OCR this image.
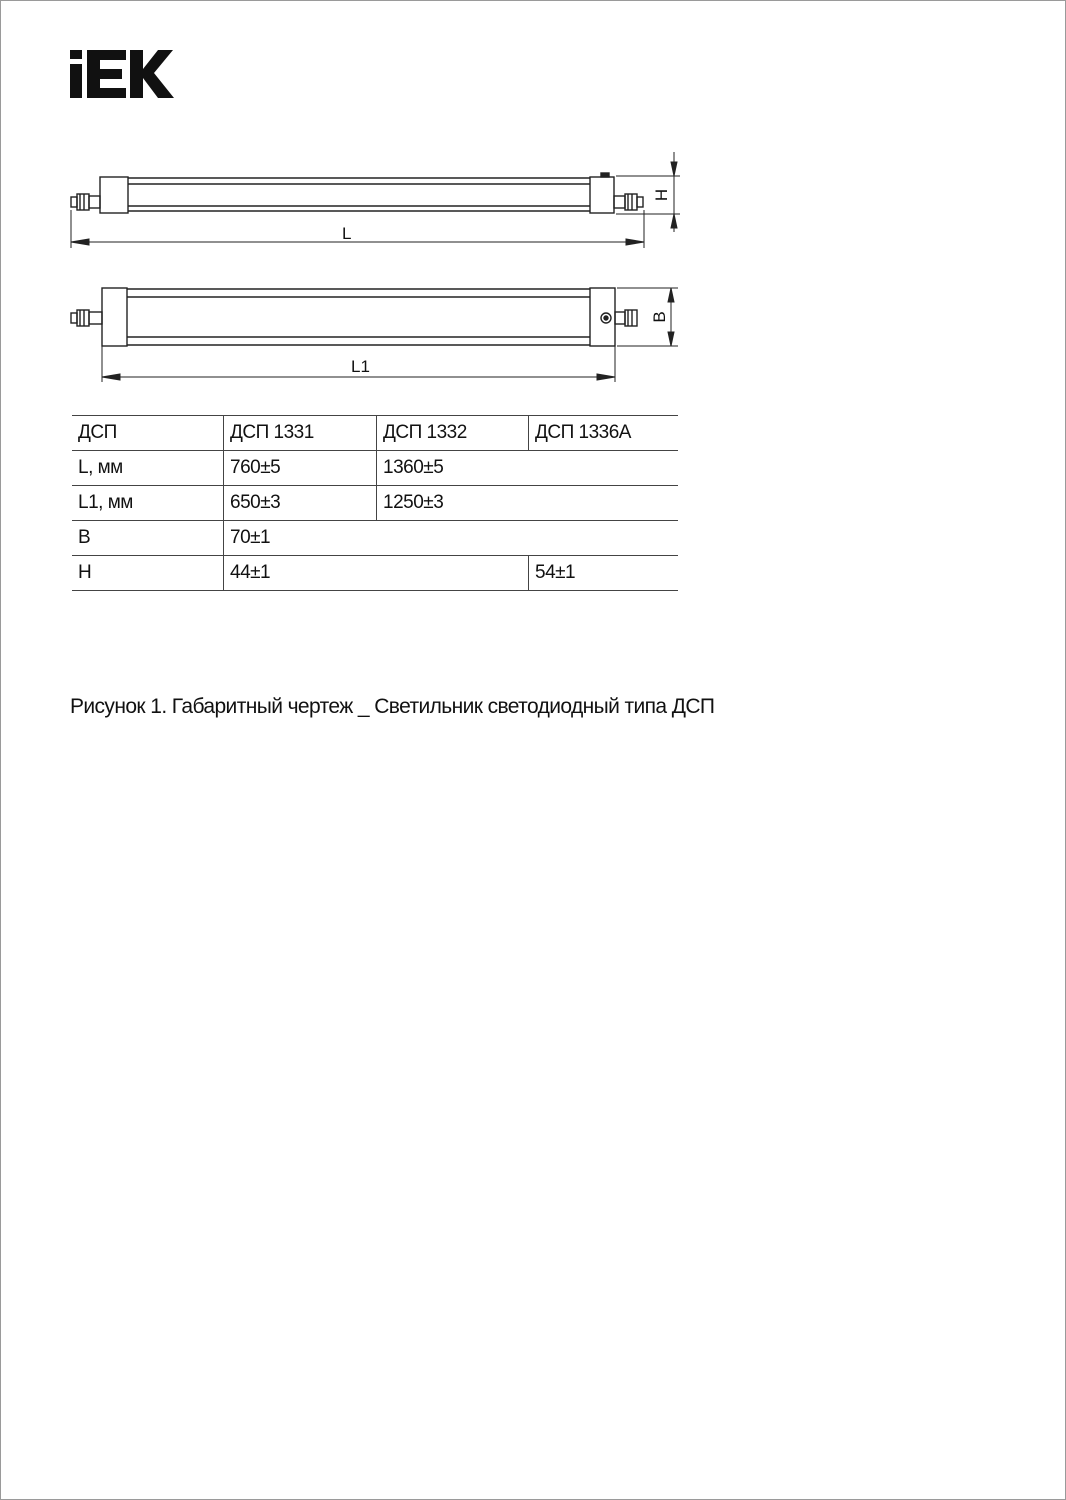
L
H
L1
B
ДСП	ДСП 1331	ДСП 1332	ДСП 1336А
L, мм	760±5	1360±5	
L1, мм	650±3	1250±3	
B	70±1		
H	44±1		54±1
Рисунок 1. Габаритный чертеж _ Светильник светодиодный типа ДСП
